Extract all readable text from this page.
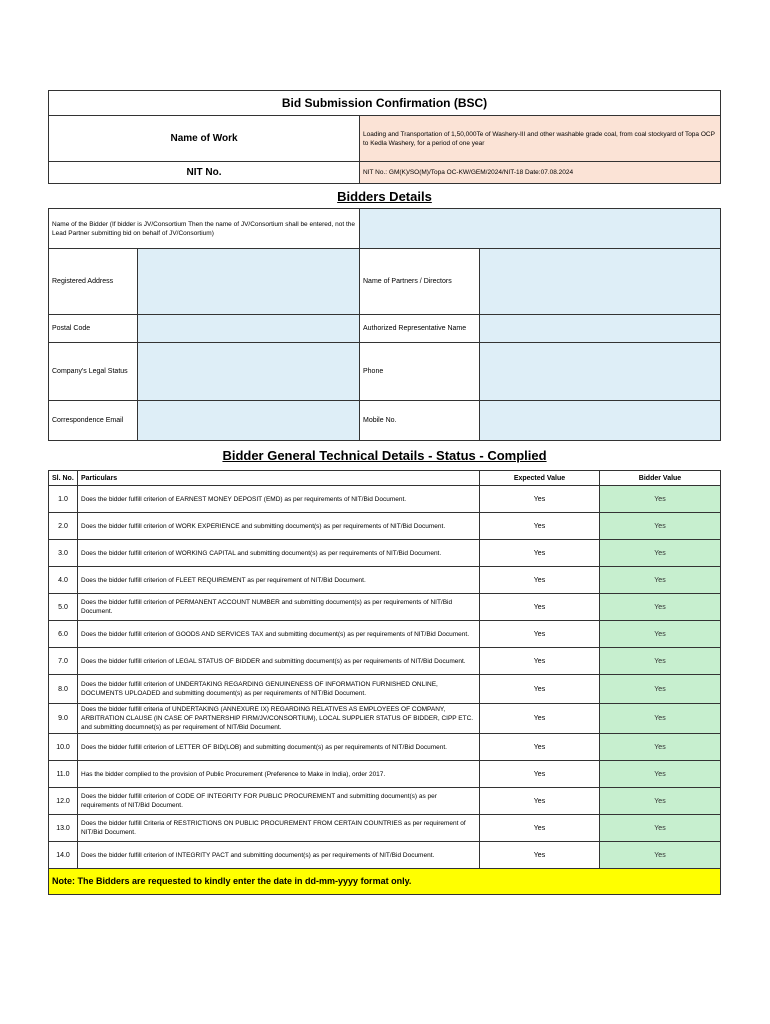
Bid Submission Confirmation (BSC)					
Name of Work			Loading and Transportation of 1,50,000Te of Washery-III and other washable grade coal, from coal stockyard of Topa OCP to Kedla Washery, for a period of one year		
NIT No.			NIT No.: GM(K)/SO(M)/Topa OC-KW/GEM/2024/NIT-18 Date:07.08.2024		
Bidders Details					
Name of the Bidder (If bidder is JV/Consortium Then the name of JV/Consortium shall be entered, not the Lead Partner submitting bid on behalf of JV/Consortium)					
Registered Address			Name of Partners / Directors		
Postal Code			Authorized Representative Name		
Company's Legal Status			Phone		
Correspondence Email			Mobile No.		
Bidder General Technical Details - Status - Complied					
Sl. No.	Particulars			Expected Value	Bidder Value
1.0	Does the bidder fulfill criterion of EARNEST MONEY DEPOSIT (EMD) as per requirements of NIT/Bid Document.			Yes	Yes
2.0	Does the bidder fulfill criterion of WORK EXPERIENCE and submitting document(s) as per requirements of NIT/Bid Document.			Yes	Yes
3.0	Does the bidder fulfill criterion of WORKING CAPITAL and submitting document(s) as per requirements of NIT/Bid Document.			Yes	Yes
4.0	Does the bidder fulfill criterion of FLEET REQUIREMENT as per requirement of NIT/Bid Document.			Yes	Yes
5.0	Does the bidder fulfill criterion of PERMANENT ACCOUNT NUMBER and submitting document(s) as per requirements of NIT/Bid Document.			Yes	Yes
6.0	Does the bidder fulfill criterion of GOODS AND SERVICES TAX and submitting document(s) as per requirements of NIT/Bid Document.			Yes	Yes
7.0	Does the bidder fulfill criterion of LEGAL STATUS OF BIDDER and submitting document(s) as per requirements of NIT/Bid Document.			Yes	Yes
8.0	Does the bidder fulfill criterion of UNDERTAKING REGARDING GENUINENESS OF INFORMATION FURNISHED ONLINE, DOCUMENTS UPLOADED and submitting document(s) as per requirements of NIT/Bid Document.			Yes	Yes
9.0	Does the bidder fulfill criteria of UNDERTAKING (ANNEXURE IX) REGARDING RELATIVES AS EMPLOYEES OF COMPANY, ARBITRATION CLAUSE (IN CASE OF PARTNERSHIP FIRM/JV/CONSORTIUM), LOCAL SUPPLIER STATUS OF BIDDER, CIPP ETC. and submitting documnet(s) as per requirement of NIT/Bid Document.			Yes	Yes
10.0	Does the bidder fulfill criterion of LETTER OF BID(LOB) and submitting document(s) as per requirements of NIT/Bid Document.			Yes	Yes
11.0	Has the bidder complied to the provision of Public Procurement (Preference to Make in India), order 2017.			Yes	Yes
12.0	Does the bidder fulfill criterion of CODE OF INTEGRITY FOR PUBLIC PROCUREMENT and submitting document(s) as per requirements of NIT/Bid Document.			Yes	Yes
13.0	Does the bidder fulfill Criteria of RESTRICTIONS ON PUBLIC PROCUREMENT FROM CERTAIN COUNTRIES as per requirement of NIT/Bid Document.			Yes	Yes
14.0	Does the bidder fulfill criterion of INTEGRITY PACT and submitting document(s) as per requirements of NIT/Bid Document.			Yes	Yes
Note: The Bidders are requested to kindly enter the date in dd-mm-yyyy format only.					
